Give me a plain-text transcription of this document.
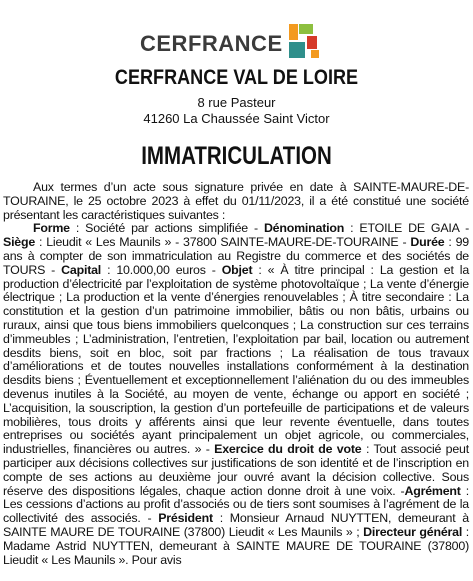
CERFRANCE
CERFRANCE VAL DE LOIRE
8 rue Pasteur
41260 La Chaussée Saint Victor
IMMATRICULATION

Aux termes d’un acte sous signature privée en date à SAINTE-MAURE-DE-TOURAINE, le 25 octobre 2023 à effet du 01/11/2023, il a été constitué une société présentant les caractéristiques suivantes :

Forme : Société par actions simplifiée - Dénomination : ETOILE DE GAIA - Siège : Lieudit « Les Maunils » - 37800 SAINTE-MAURE-DE-TOURAINE - Durée : 99 ans à compter de son immatriculation au Registre du commerce et des sociétés de TOURS - Capital : 10.000,00 euros - Objet : « À titre principal : La gestion et la production d’électricité par l’exploitation de système photovoltaïque ; La vente d’énergie électrique ; La production et la vente d’énergies renouvelables ; À titre secondaire : La constitution et la gestion d’un patrimoine immobilier, bâtis ou non bâtis, urbains ou ruraux, ainsi que tous biens immobiliers quelconques ; La construction sur ces terrains d’immeubles ; L’administration, l’entretien, l’exploitation par bail, location ou autrement desdits biens, soit en bloc, soit par fractions ; La réalisation de tous travaux d’améliorations et de toutes nouvelles installations conformément à la destination desdits biens ; Éventuellement et exceptionnellement l’aliénation du ou des immeubles devenus inutiles à la Société, au moyen de vente, échange ou apport en société ; L’acquisition, la souscription, la gestion d’un portefeuille de participations et de valeurs mobilières, tous droits y afférents ainsi que leur revente éventuelle, dans toutes entreprises ou sociétés ayant principalement un objet agricole, ou commerciales, industrielles, financières ou autres. » - Exercice du droit de vote : Tout associé peut participer aux décisions collectives sur justifications de son identité et de l’inscription en compte de ses actions au deuxième jour ouvré avant la décision collective. Sous réserve des dispositions légales, chaque action donne droit à une voix. -Agrément : Les cessions d’actions au profit d’associés ou de tiers sont soumises à l’agrément de la collectivité des associés. - Président : Monsieur Arnaud NUYTTEN, demeurant à SAINTE MAURE DE TOURAINE (37800) Lieudit « Les Maunils » ; Directeur général : Madame Astrid NUYTTEN, demeurant à SAINTE MAURE DE TOURAINE (37800) Lieudit « Les Maunils ». Pour avis
